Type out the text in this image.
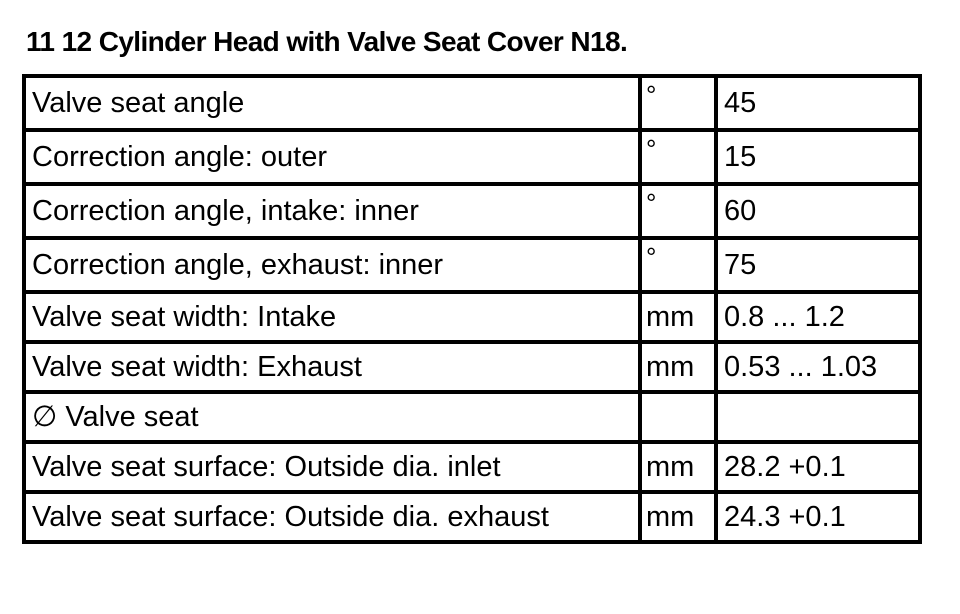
11 12 Cylinder Head with Valve Seat Cover N18.
Valve seat angle	°	45
Correction angle: outer	°	15
Correction angle, intake: inner	°	60
Correction angle, exhaust: inner	°	75
Valve seat width: Intake	mm	0.8 ... 1.2
Valve seat width: Exhaust	mm	0.53 ... 1.03
∅ Valve seat		
Valve seat surface: Outside dia. inlet	mm	28.2 +0.1
Valve seat surface: Outside dia. exhaust	mm	24.3 +0.1
